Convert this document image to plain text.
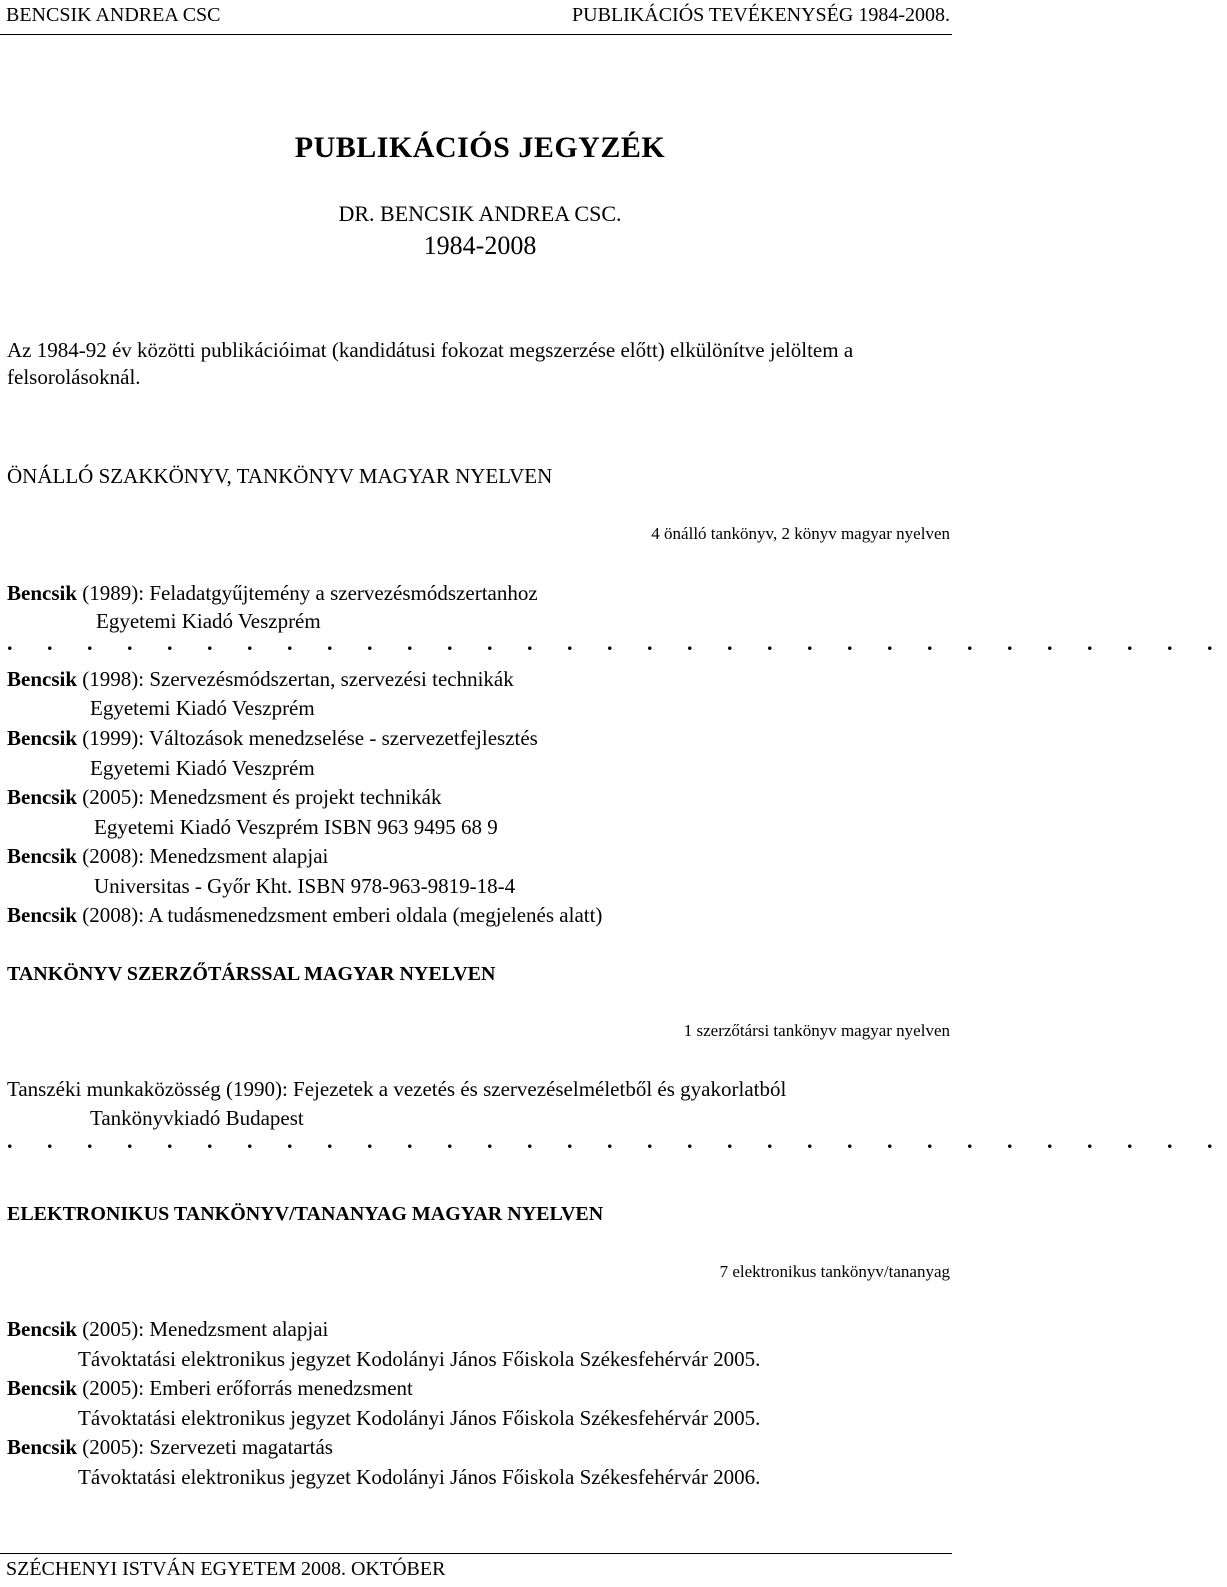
BENCSIK ANDREA CSC	PUBLIKÁCIÓS TEVÉKENYSÉG 1984-2008.
PUBLIKÁCIÓS JEGYZÉK
DR. BENCSIK ANDREA CSC.
1984-2008
Az 1984-92 év közötti publikációimat (kandidátusi fokozat megszerzése előtt) elkülönítve jelöltem a felsorolásoknál.
ÖNÁLLÓ SZAKKÖNYV, TANKÖNYV MAGYAR NYELVEN
4 önálló tankönyv, 2 könyv magyar nyelven
Bencsik (1989): Feladatgyűjtemény a szervezésmódszertanhoz
Egyetemi Kiadó Veszprém
. . . . . . . . . . . . . . . . . . . . . . . . . . . . . . .
Bencsik (1998): Szervezésmódszertan, szervezési technikák
Egyetemi Kiadó Veszprém
Bencsik (1999): Változások menedzselése - szervezetfejlesztés
Egyetemi Kiadó Veszprém
Bencsik (2005): Menedzsment és projekt technikák
Egyetemi Kiadó Veszprém ISBN 963 9495 68 9
Bencsik (2008): Menedzsment alapjai
Universitas - Győr Kht. ISBN 978-963-9819-18-4
Bencsik (2008): A tudásmenedzsment emberi oldala (megjelenés alatt)
TANKÖNYV SZERZŐTÁRSSAL MAGYAR NYELVEN
1 szerzőtársi tankönyv magyar nyelven
Tanszéki munkaközösség (1990): Fejezetek a vezetés és szervezéselméletből és gyakorlatból
Tankönyvkiadó Budapest
. . . . . . . . . . . . . . . . . . . . . . . . . . . . . . .
ELEKTRONIKUS TANKÖNYV/TANANYAG MAGYAR NYELVEN
7 elektronikus tankönyv/tananyag
Bencsik (2005): Menedzsment alapjai
Távoktatási elektronikus jegyzet Kodolányi János Főiskola Székesfehérvár 2005.
Bencsik (2005): Emberi erőforrás menedzsment
Távoktatási elektronikus jegyzet Kodolányi János Főiskola Székesfehérvár 2005.
Bencsik (2005): Szervezeti magatartás
Távoktatási elektronikus jegyzet Kodolányi János Főiskola Székesfehérvár 2006.
SZÉCHENYI ISTVÁN EGYETEM 2008. OKTÓBER
